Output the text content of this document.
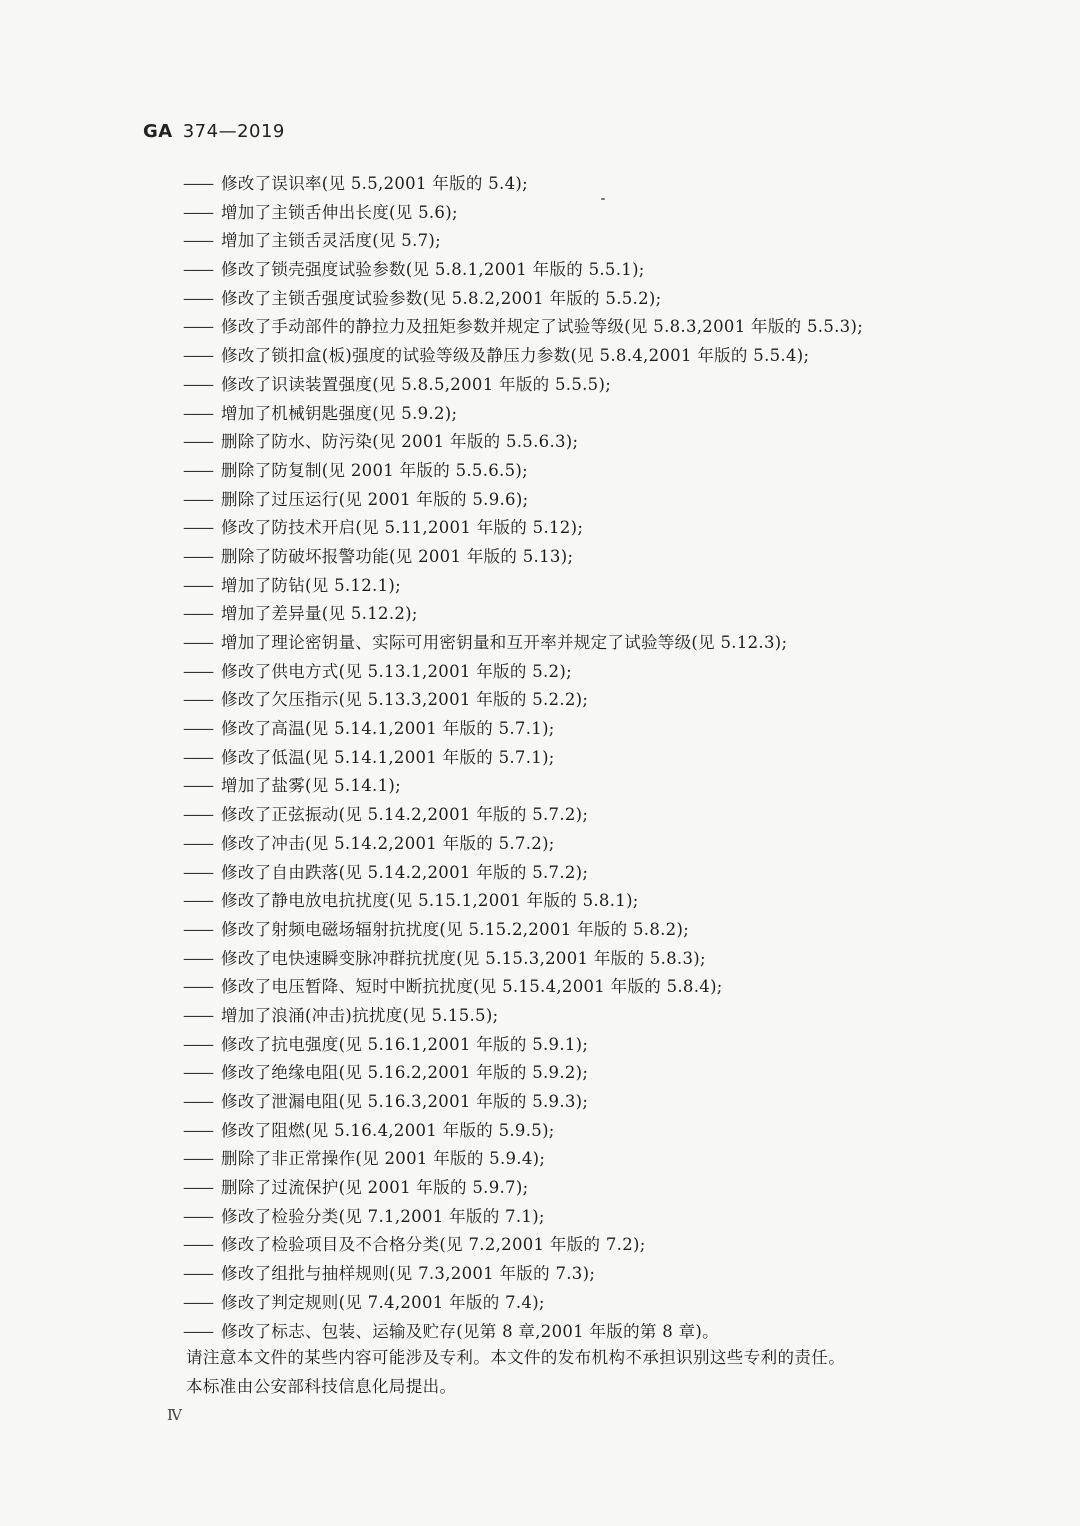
GA 374—2019
—— 修改了误识率(见 5.5,2001 年版的 5.4);
—— 增加了主锁舌伸出长度(见 5.6);
—— 增加了主锁舌灵活度(见 5.7);
—— 修改了锁壳强度试验参数(见 5.8.1,2001 年版的 5.5.1);
—— 修改了主锁舌强度试验参数(见 5.8.2,2001 年版的 5.5.2);
—— 修改了手动部件的静拉力及扭矩参数并规定了试验等级(见 5.8.3,2001 年版的 5.5.3);
—— 修改了锁扣盒(板)强度的试验等级及静压力参数(见 5.8.4,2001 年版的 5.5.4);
—— 修改了识读装置强度(见 5.8.5,2001 年版的 5.5.5);
—— 增加了机械钥匙强度(见 5.9.2);
—— 删除了防水、防污染(见 2001 年版的 5.5.6.3);
—— 删除了防复制(见 2001 年版的 5.5.6.5);
—— 删除了过压运行(见 2001 年版的 5.9.6);
—— 修改了防技术开启(见 5.11,2001 年版的 5.12);
—— 删除了防破坏报警功能(见 2001 年版的 5.13);
—— 增加了防钻(见 5.12.1);
—— 增加了差异量(见 5.12.2);
—— 增加了理论密钥量、实际可用密钥量和互开率并规定了试验等级(见 5.12.3);
—— 修改了供电方式(见 5.13.1,2001 年版的 5.2);
—— 修改了欠压指示(见 5.13.3,2001 年版的 5.2.2);
—— 修改了高温(见 5.14.1,2001 年版的 5.7.1);
—— 修改了低温(见 5.14.1,2001 年版的 5.7.1);
—— 增加了盐雾(见 5.14.1);
—— 修改了正弦振动(见 5.14.2,2001 年版的 5.7.2);
—— 修改了冲击(见 5.14.2,2001 年版的 5.7.2);
—— 修改了自由跌落(见 5.14.2,2001 年版的 5.7.2);
—— 修改了静电放电抗扰度(见 5.15.1,2001 年版的 5.8.1);
—— 修改了射频电磁场辐射抗扰度(见 5.15.2,2001 年版的 5.8.2);
—— 修改了电快速瞬变脉冲群抗扰度(见 5.15.3,2001 年版的 5.8.3);
—— 修改了电压暂降、短时中断抗扰度(见 5.15.4,2001 年版的 5.8.4);
—— 增加了浪涌(冲击)抗扰度(见 5.15.5);
—— 修改了抗电强度(见 5.16.1,2001 年版的 5.9.1);
—— 修改了绝缘电阻(见 5.16.2,2001 年版的 5.9.2);
—— 修改了泄漏电阻(见 5.16.3,2001 年版的 5.9.3);
—— 修改了阻燃(见 5.16.4,2001 年版的 5.9.5);
—— 删除了非正常操作(见 2001 年版的 5.9.4);
—— 删除了过流保护(见 2001 年版的 5.9.7);
—— 修改了检验分类(见 7.1,2001 年版的 7.1);
—— 修改了检验项目及不合格分类(见 7.2,2001 年版的 7.2);
—— 修改了组批与抽样规则(见 7.3,2001 年版的 7.3);
—— 修改了判定规则(见 7.4,2001 年版的 7.4);
—— 修改了标志、包装、运输及贮存(见第 8 章,2001 年版的第 8 章)。

请注意本文件的某些内容可能涉及专利。本文件的发布机构不承担识别这些专利的责任。

本标准由公安部科技信息化局提出。

Ⅳ
